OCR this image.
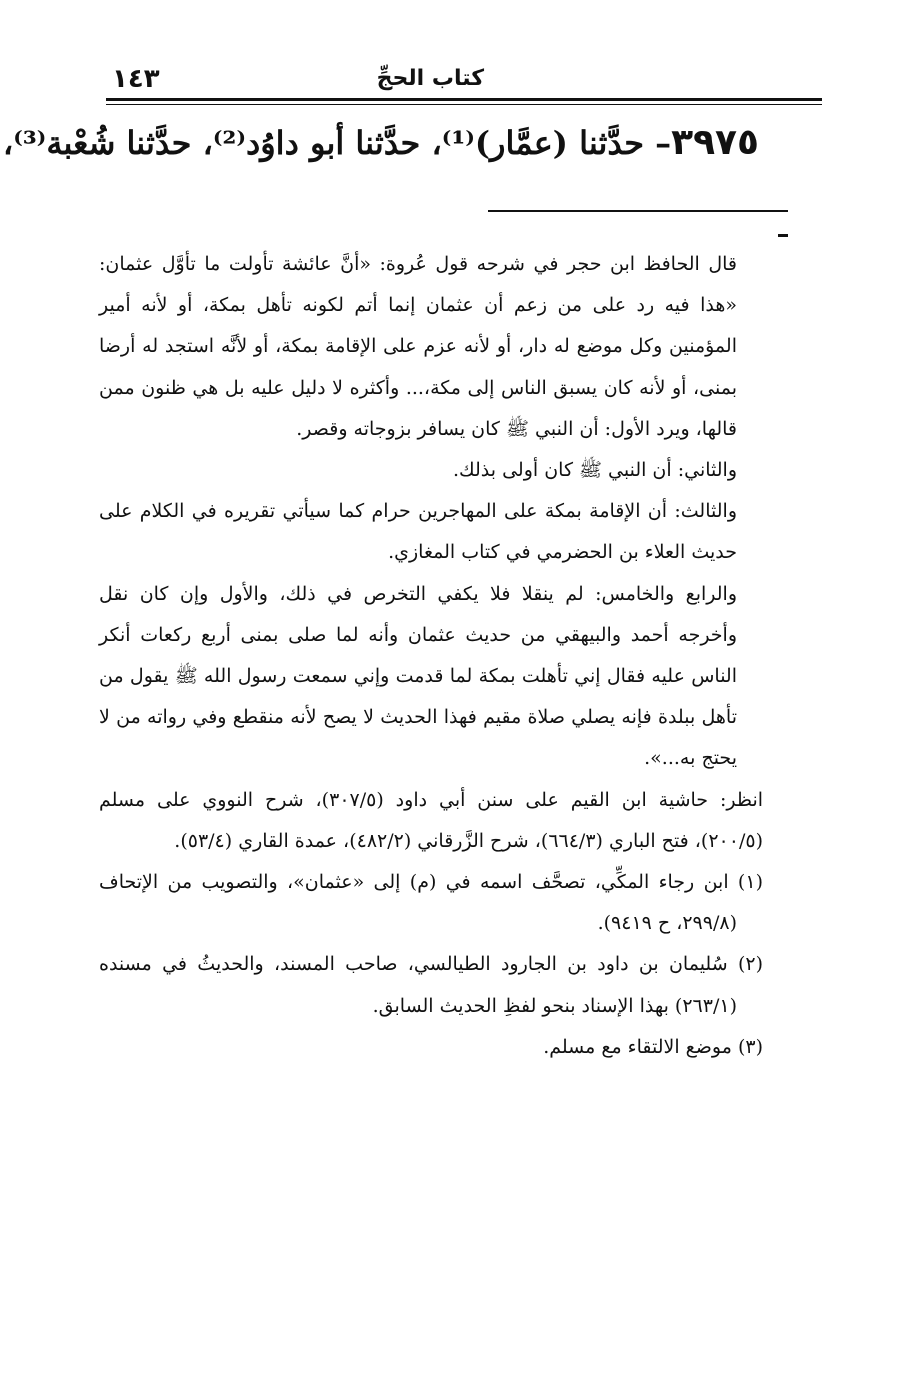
كتاب الحجِّ
١٤٣
٣٩٧٥– حدَّثنا (عمَّار)⁽¹⁾، حدَّثنا أبو داوُد⁽²⁾، حدَّثنا شُعْبة⁽³⁾،

قال الحافظ ابن حجر في شرحه قول عُروة: «أنَّ عائشة تأولت ما تأوَّل عثمان: «هذا فيه رد على من زعم أن عثمان إنما أتم لكونه تأهل بمكة، أو لأنه أمير المؤمنين وكل موضع له دار، أو لأنه عزم على الإقامة بمكة، أو لأنَّه استجد له أرضا بمنى، أو لأنه كان يسبق الناس إلى مكة،... وأكثره لا دليل عليه بل هي ظنون ممن قالها، ويرد الأول: أن النبي ﷺ كان يسافر بزوجاته وقصر.

والثاني: أن النبي ﷺ كان أولى بذلك.

والثالث: أن الإقامة بمكة على المهاجرين حرام كما سيأتي تقريره في الكلام على حديث العلاء بن الحضرمي في كتاب المغازي.

والرابع والخامس: لم ينقلا فلا يكفي التخرص في ذلك، والأول وإن كان نقل وأخرجه أحمد والبيهقي من حديث عثمان وأنه لما صلى بمنى أربع ركعات أنكر الناس عليه فقال إني تأهلت بمكة لما قدمت وإني سمعت رسول الله ﷺ يقول من تأهل ببلدة فإنه يصلي صلاة مقيم فهذا الحديث لا يصح لأنه منقطع وفي رواته من لا يحتج به...».

انظر: حاشية ابن القيم على سنن أبي داود (٣٠٧/٥)، شرح النووي على مسلم (٢٠٠/٥)، فتح الباري (٦٦٤/٣)، شرح الزَّرقاني (٤٨٢/٢)، عمدة القاري (٥٣/٤).

(١) ابن رجاء المكِّي، تصحَّف اسمه في (م) إلى «عثمان»، والتصويب من الإتحاف (٢٩٩/٨، ح ٩٤١٩).

(٢) سُليمان بن داود بن الجارود الطيالسي، صاحب المسند، والحديثُ في مسنده (٢٦٣/١) بهذا الإسناد بنحو لفظِ الحديث السابق.

(٣) موضع الالتقاء مع مسلم.
